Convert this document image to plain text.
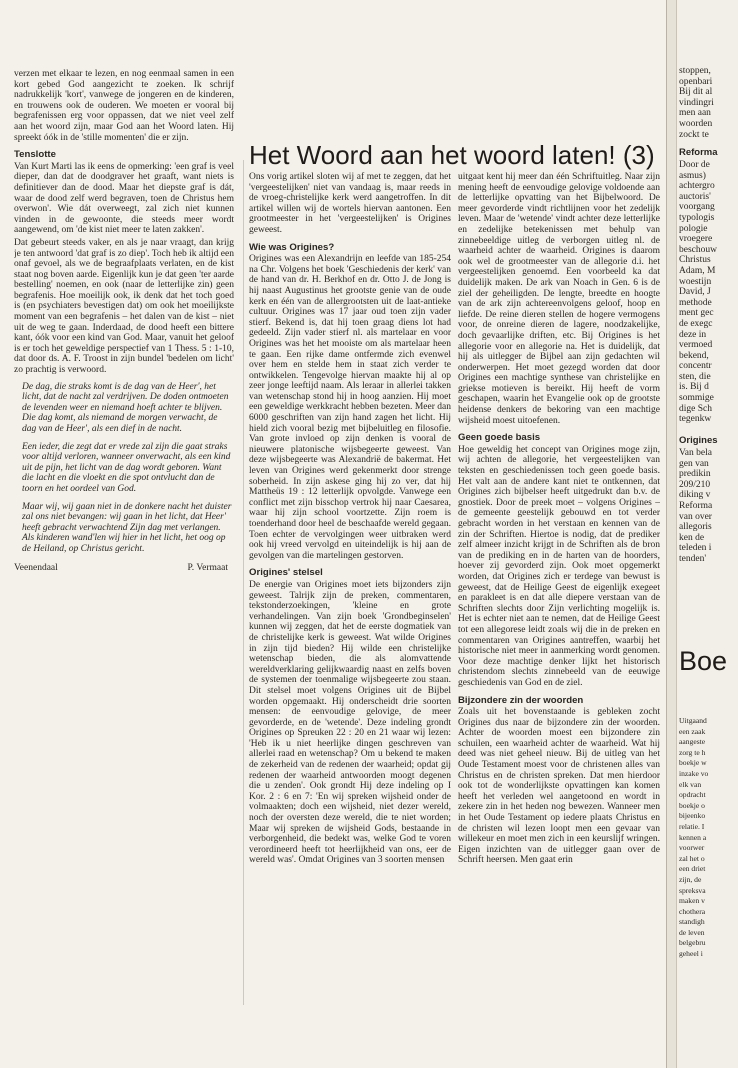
verzen met elkaar te lezen, en nog eenmaal samen in een kort gebed God aangezicht te zoeken. Ik schrijf nadrukkelijk 'kort', vanwege de jongeren en de kinderen, en trouwens ook de ouderen. We moeten er vooral bij begrafenissen erg voor oppassen, dat we niet veel zelf aan het woord zijn, maar God aan het Woord laten. Hij spreekt óók in de 'stille momenten' die er zijn.

Tenslotte

Van Kurt Marti las ik eens de opmerking: 'een graf is veel dieper, dan dat de doodgraver het graaft, want niets is definitiever dan de dood. Maar het diepste graf is dát, waar de dood zelf werd begraven, toen de Christus hem overwon'. Wie dát overweegt, zal zich niet kunnen vinden in de gewoonte, die steeds meer wordt aangewend, om 'de kist niet meer te laten zakken'.

Dat gebeurt steeds vaker, en als je naar vraagt, dan krijg je ten antwoord 'dat graf is zo diep'. Toch heb ik altijd een onaf gevoel, als we de begraafplaats verlaten, en de kist staat nog boven aarde. Eigenlijk kun je dat geen 'ter aarde bestelling' noemen, en ook (naar de letterlijke zin) geen begrafenis. Hoe moeilijk ook, ik denk dat het toch goed is (en psychiaters bevestigen dat) om ook het moeilijkste moment van een begrafenis – het dalen van de kist – niet uit de weg te gaan. Inderdaad, de dood heeft een bittere kant, óók voor een kind van God. Maar, vanuit het geloof is er toch het geweldige perspectief van 1 Thess. 5 : 1-10, dat door ds. A. F. Troost in zijn bundel 'bedelen om licht' zo prachtig is verwoord.

De dag, die straks komt is de dag van de Heer', het licht, dat de nacht zal verdrijven. De doden ontmoeten de levenden weer en niemand hoeft achter te blijven. Die dag komt, als niemand de morgen verwacht, de dag van de Heer', als een dief in de nacht.

Een ieder, die zegt dat er vrede zal zijn die gaat straks voor altijd verloren, wanneer onverwacht, als een kind uit de pijn, het licht van de dag wordt geboren. Want die lacht en die vloekt en die spot ontvlucht dan de toorn en het oordeel van God.

Maar wij, wij gaan niet in de donkere nacht het duister zal ons niet bevangen: wij gaan in het licht, dat Heer' heeft gebracht verwachtend Zijn dag met verlangen. Als kinderen wand'len wij hier in het licht, het oog op de Heiland, op Christus gericht.

Veenendaal	P. Vermaat
Het Woord aan het woord laten! (3)

Ons vorig artikel sloten wij af met te zeggen, dat het 'vergeestelijken' niet van vandaag is, maar reeds in de vroeg-christelijke kerk werd aangetroffen. In dit artikel willen wij de wortels hiervan aantonen. Een grootmeester in het 'vergeestelijken' is Origines geweest.

Wie was Origines?

Origines was een Alexandrijn en leefde van 185-254 na Chr. Volgens het boek 'Geschiedenis der kerk' van de hand van dr. H. Berkhof en dr. Otto J. de Jong is hij naast Augustinus het grootste genie van de oude kerk en één van de allergrootsten uit de laat-antieke cultuur. Origines was 17 jaar oud toen zijn vader stierf. Bekend is, dat hij toen graag diens lot had gedeeld. Zijn vader stierf nl. als martelaar en voor Origines was het het mooiste om als martelaar heen te gaan. Een rijke dame ontfermde zich evenwel over hem en stelde hem in staat zich verder te ontwikkelen. Tengevolge hiervan maakte hij al op zeer jonge leeftijd naam. Als leraar in allerlei takken van wetenschap stond hij in hoog aanzien. Hij moet een geweldige werkkracht hebben bezeten. Meer dan 6000 geschriften van zijn hand zagen het licht. Hij hield zich vooral bezig met bijbeluitleg en filosofie. Van grote invloed op zijn denken is vooral de nieuwere platonische wijsbegeerte geweest. Van deze wijsbegeerte was Alexandrië de bakermat. Het leven van Origines werd gekenmerkt door strenge soberheid. In zijn askese ging hij zo ver, dat hij Mattheüs 19 : 12 letterlijk opvolgde. Vanwege een conflict met zijn bisschop vertrok hij naar Caesarea, waar hij zijn school voortzette. Zijn roem is toenderhand door heel de beschaafde wereld gegaan. Toen echter de vervolgingen weer uitbraken werd ook hij vreed vervolgd en uiteindelijk is hij aan de gevolgen van die martelingen gestorven.

Origines' stelsel

De energie van Origines moet iets bijzonders zijn geweest. Talrijk zijn de preken, commentaren, tekstonderzoekingen, 'kleine en grote verhandelingen. Van zijn boek 'Grondbeginselen' kunnen wij zeggen, dat het de eerste dogmatiek van de christelijke kerk is geweest. Wat wilde Origines in zijn tijd bieden? Hij wilde een christelijke wetenschap bieden, die als alomvattende wereldverklaring gelijkwaardig naast en zelfs boven de systemen der toenmalige wijsbegeerte zou staan. Dit stelsel moet volgens Origines uit de Bijbel worden opgemaakt. Hij onderscheidt drie soorten mensen: de eenvoudige gelovige, de meer gevorderde, en de 'wetende'. Deze indeling grondt Origines op Spreuken 22 : 20 en 21 waar wij lezen: 'Heb ik u niet heerlijke dingen geschreven van allerlei raad en wetenschap? Om u bekend te maken de zekerheid van de redenen der waarheid; opdat gij redenen der waarheid antwoorden moogt degenen die u zenden'. Ook grondt Hij deze indeling op I Kor. 2 : 6 en 7: 'En wij spreken wijsheid onder de volmaakten; doch een wijsheid, niet dezer wereld, noch der oversten deze wereld, die te niet worden; Maar wij spreken de wijsheid Gods, bestaande in verborgenheid, die bedekt was, welke God te voren verordineerd heeft tot heerlijkheid van ons, eer de wereld was'. Omdat Origines van 3 soorten mensen

uitgaat kent hij meer dan één Schriftuitleg. Naar zijn mening heeft de eenvoudige gelovige voldoende aan de letterlijke opvatting van het Bijbelwoord. De meer gevorderde vindt richtlijnen voor het zedelijk leven. Maar de 'wetende' vindt achter deze letterlijke en zedelijke betekenissen met behulp van zinnebeeldige uitleg de verborgen uitleg nl. de waarheid achter de waarheid. Origines is daarom ook wel de grootmeester van de allegorie d.i. het vergeestelijken genoemd. Een voorbeeld ka dat duidelijk maken. De ark van Noach in Gen. 6 is de ziel der geheiligden. De lengte, breedte en hoogte van de ark zijn achtereenvolgens geloof, hoop en liefde. De reine dieren stellen de hogere vermogens voor, de onreine dieren de lagere, noodzakelijke, doch gevaarlijke driften, etc. Bij Origines is het allegorie voor en allegorie na. Het is duidelijk, dat hij als uitlegger de Bijbel aan zijn gedachten wil onderwerpen. Het moet gezegd worden dat door Origines een machtige synthese van christelijke en griekse motieven is bereikt. Hij heeft de vorm geschapen, waarin het Evangelie ook op de grootste heidense denkers de bekoring van een machtige wijsheid moest uitoefenen.

Geen goede basis

Hoe geweldig het concept van Origines moge zijn, wij achten de allegorie, het vergeestelijken van teksten en geschiedenissen toch geen goede basis. Het valt aan de andere kant niet te ontkennen, dat Origines zich bijbelser heeft uitgedrukt dan b.v. de gnostiek. Door de preek moet – volgens Origines – de gemeente geestelijk gebouwd en tot verder gebracht worden in het verstaan en kennen van de zin der Schriften. Hiertoe is nodig, dat de prediker zelf almeer inzicht krijgt in de Schriften als de bron van de prediking en in de harten van de hoorders, hoever zij gevorderd zijn. Ook moet opgemerkt worden, dat Origines zich er terdege van bewust is geweest, dat de Heilige Geest de eigenlijk exegeet en parakleet is en dat alle diepere verstaan van de Schriften slechts door Zijn verlichting mogelijk is. Het is echter niet aan te nemen, dat de Heilige Geest tot een allegorese leidt zoals wij die in de preken en commentaren van Origines aantreffen, waarbij het historische niet meer in aanmerking wordt genomen. Voor deze machtige denker lijkt het historisch christendom slechts zinnebeeld van de eeuwige geschiedenis van God en de ziel.

Bijzondere zin der woorden

Zoals uit het bovenstaande is gebleken zocht Origines dus naar de bijzondere zin der woorden. Achter de woorden moest een bijzondere zin schuilen, een waarheid achter de waarheid. Wat hij deed was niet geheel nieuw. Bij de uitleg van het Oude Testament moest voor de christenen alles van Christus en de christen spreken. Dat men hierdoor ook tot de wonderlijkste opvattingen kan komen heeft het verleden wel aangetoond en wordt in zekere zin in het heden nog bewezen. Wanneer men in het Oude Testament op iedere plaats Christus en de christen wil lezen loopt men een gevaar van willekeur en moet men zich in een keurslijf wringen. Eigen inzichten van de uitlegger gaan over de Schrift heersen. Men gaat erin

stoppen,
openbari
Bij dit al
vindingri
men aan
woorden
zockt te
Reforma
Door de
asmus)
achtergro
auctoris'
voorgang
typologis
pologie
vroegere
beschouw
Christus
Adam, M
woestijn
David, J
methode
ment gec
de exegc
deze in
vermoed
bekend,
concentr
sten, die
is. Bij d
sommige
dige Sch
tegenkw
Origines
Van bela
gen van
predikin
209/210
diking v
Reforma
van over
allegoris
ken de
teleden i
tenden'
Boe
Uitgaand
een zaak
aangeste
zorg te h
boekje w
inzake vo
elk van
opdracht
boekje o
bijeenko
relatie. I
kennen a
voorwer
zal het o
een driet
zijn, de
spreksva
maken v
chothera
standigh
de leven
belgebru
geheel i
